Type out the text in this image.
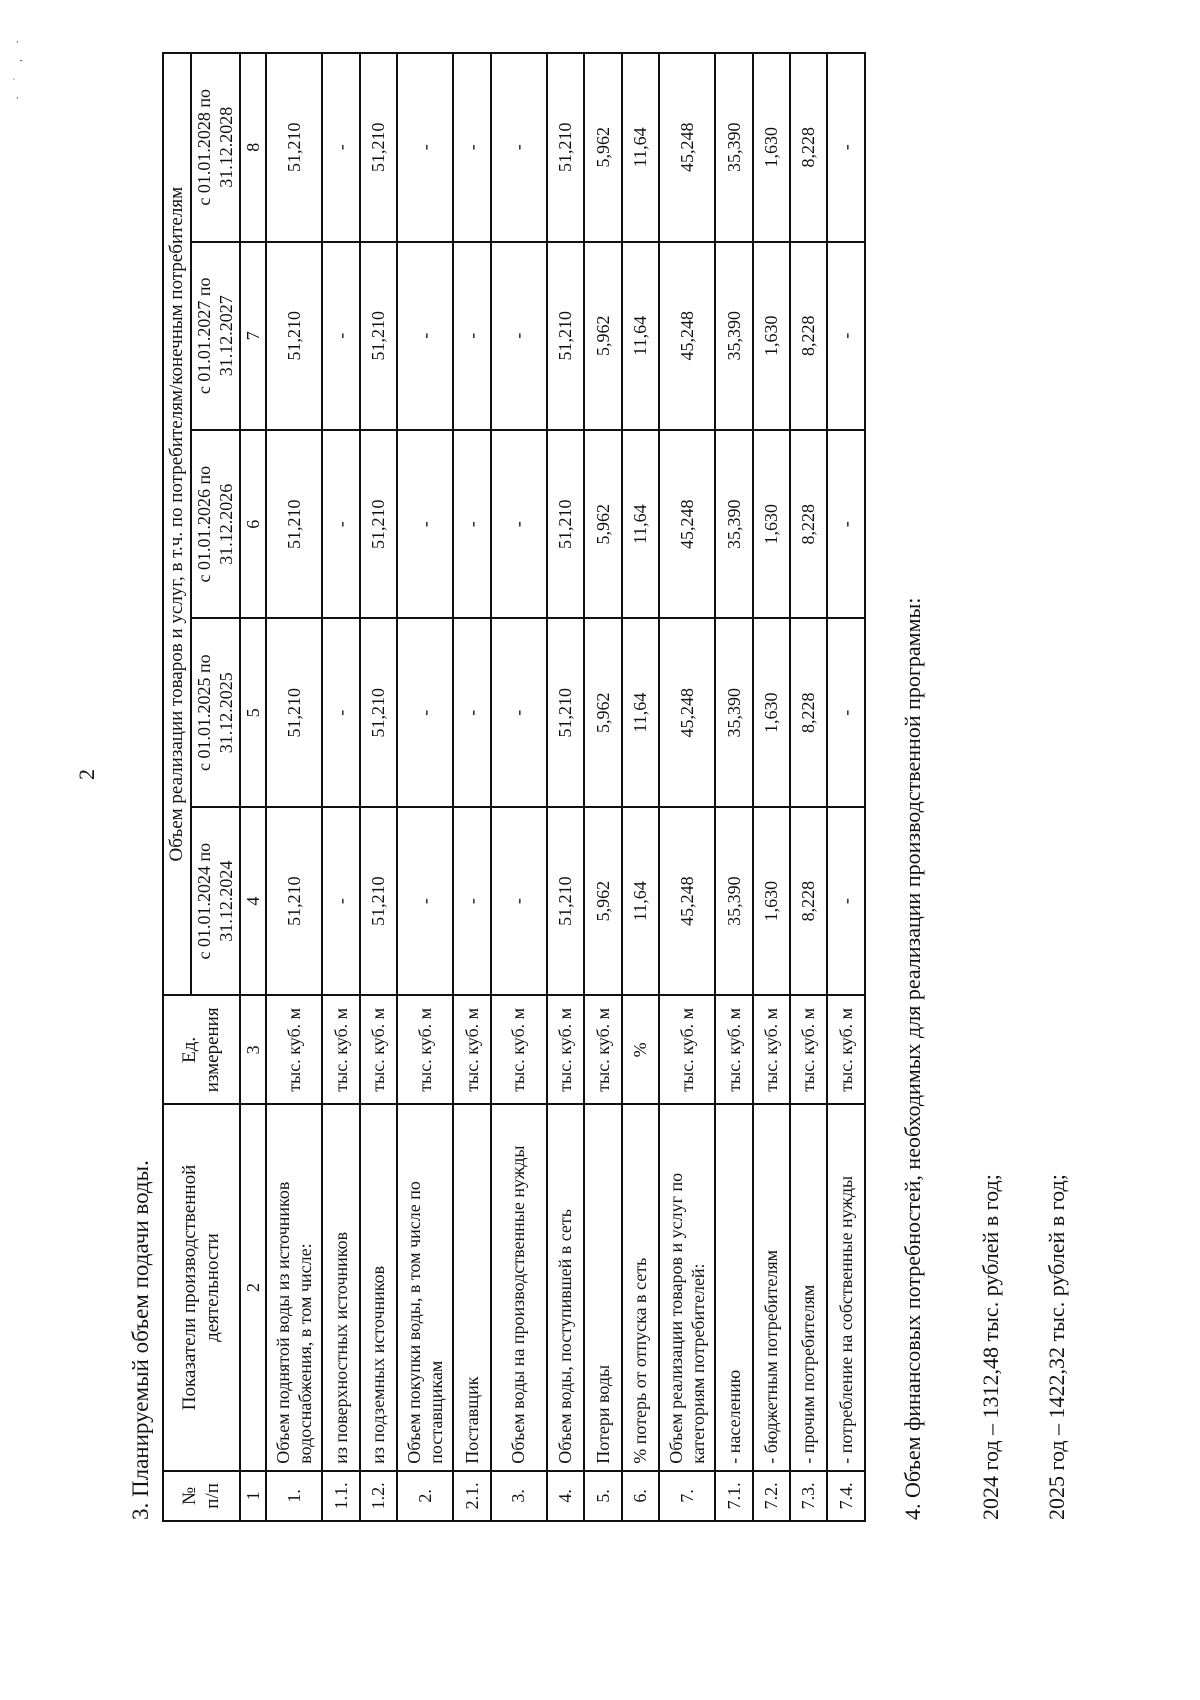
2
· ˙ , ·
3. Планируемый объем подачи воды. № п/п	Показатели производственной деятельности	Ед. измерения	Объем реализации товаров и услуг, в т.ч. по потребителям/конечным потребителям				
			с 01.01.2024 по 31.12.2024	с 01.01.2025 по 31.12.2025	с 01.01.2026 по 31.12.2026	с 01.01.2027 по 31.12.2027	с 01.01.2028 по 31.12.2028
1	2	3	4	5	6	7	8
1.	Объем поднятой воды из источников водоснабжения, в том числе:	тыс. куб. м	51,210	51,210	51,210	51,210	51,210
1.1.	из поверхностных источников	тыс. куб. м	-	-	-	-	-
1.2.	из подземных источников	тыс. куб. м	51,210	51,210	51,210	51,210	51,210
2.	Объем покупки воды, в том числе по поставщикам	тыс. куб. м	-	-	-	-	-
2.1.	Поставщик	тыс. куб. м	-	-	-	-	-
3.	Объем воды на производственные нужды	тыс. куб. м	-	-	-	-	-
4.	Объем воды, поступившей в сеть	тыс. куб. м	51,210	51,210	51,210	51,210	51,210
5.	Потери воды	тыс. куб. м	5,962	5,962	5,962	5,962	5,962
6.	% потерь от отпуска в сеть	%	11,64	11,64	11,64	11,64	11,64
7.	Объем реализации товаров и услуг по категориям потребителей:	тыс. куб. м	45,248	45,248	45,248	45,248	45,248
7.1.	- населению	тыс. куб. м	35,390	35,390	35,390	35,390	35,390
7.2.	- бюджетным потребителям	тыс. куб. м	1,630	1,630	1,630	1,630	1,630
7.3.	- прочим потребителям	тыс. куб. м	8,228	8,228	8,228	8,228	8,228
7.4.	- потребление на собственные нужды	тыс. куб. м	-	-	-	-	-
4. Объем финансовых потребностей, необходимых для реализации производственной программы: 2024 год – 1312,48 тыс. рублей в год; 2025 год – 1422,32 тыс. рублей в год;
